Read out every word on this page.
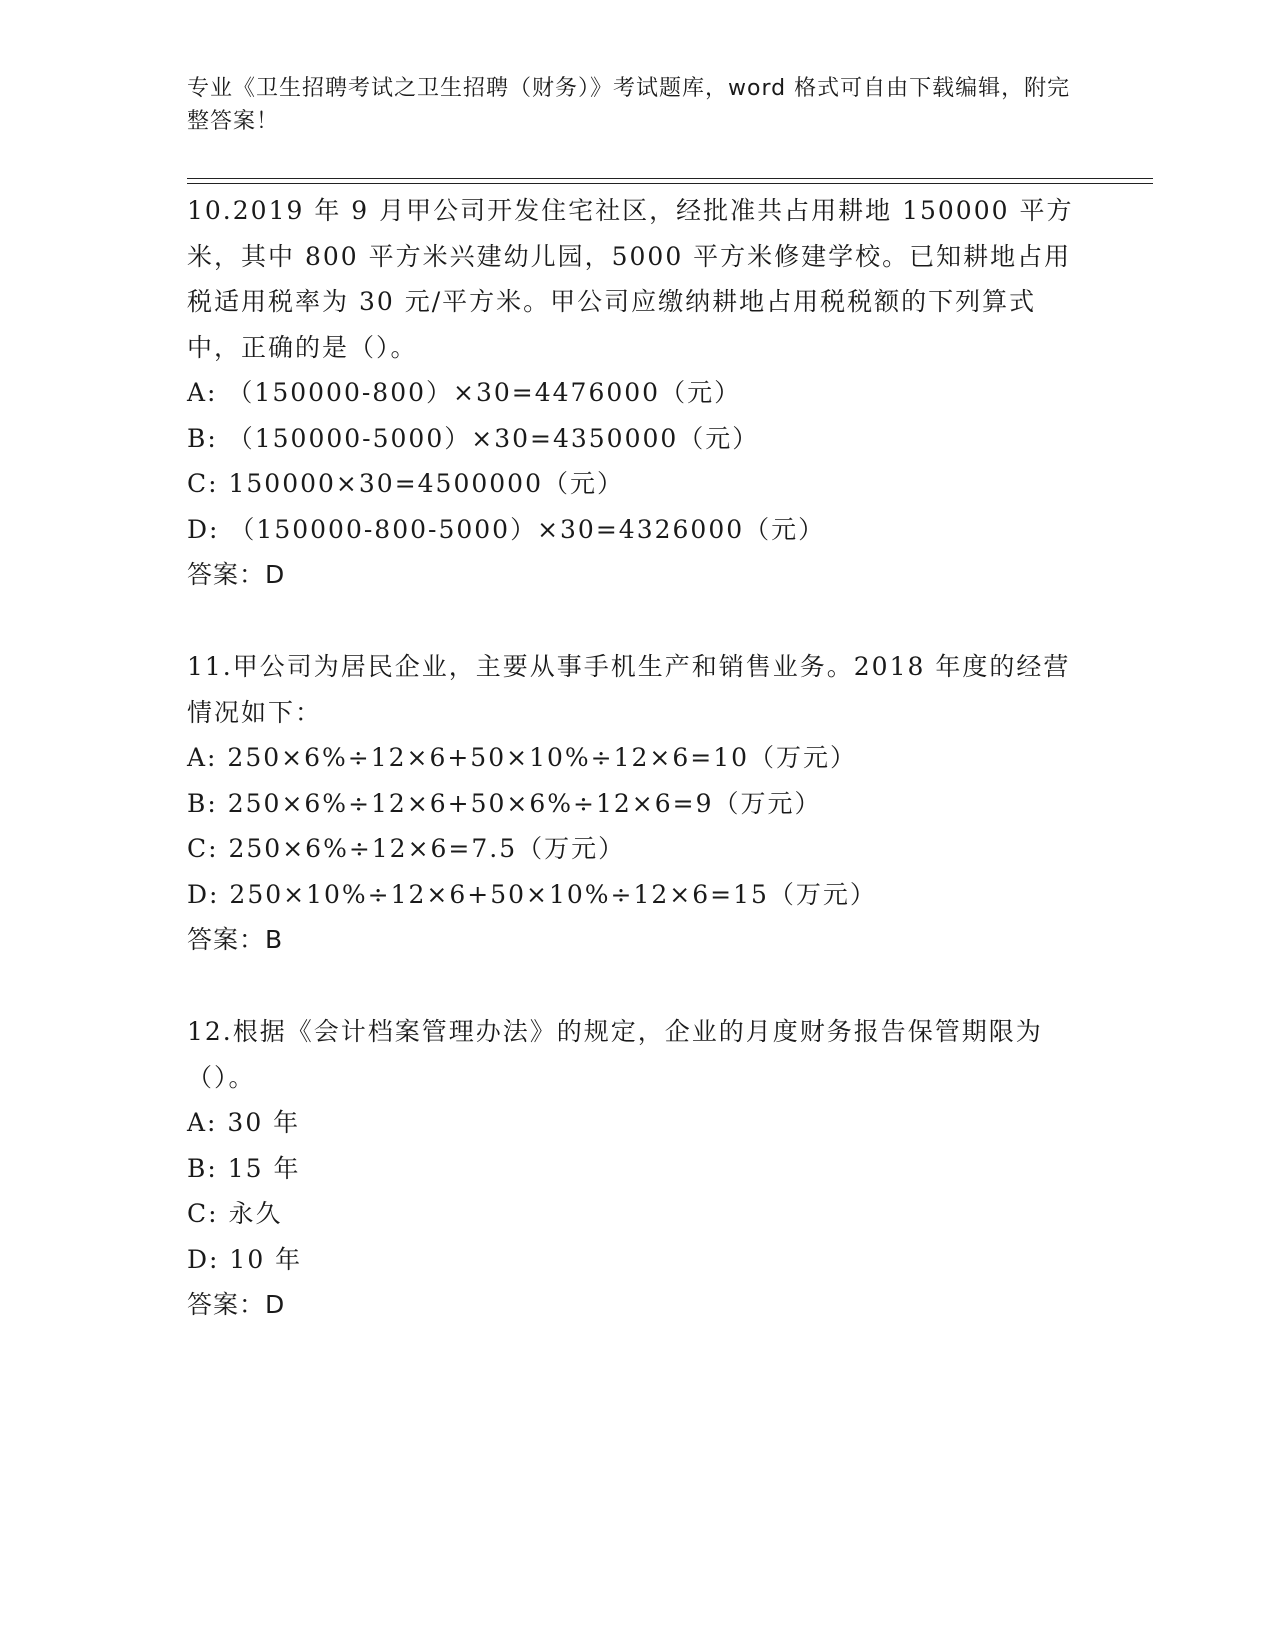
专业《卫生招聘考试之卫生招聘（财务）》考试题库，word 格式可自由下载编辑，附完整答案！

10.2019 年 9 月甲公司开发住宅社区，经批准共占用耕地 150000 平方米，其中 800 平方米兴建幼儿园，5000 平方米修建学校。已知耕地占用税适用税率为 30 元/平方米。甲公司应缴纳耕地占用税税额的下列算式中，正确的是（）。

A: （150000-800）×30=4476000（元）
B: （150000-5000）×30=4350000（元）
C: 150000×30=4500000（元）
D: （150000-800-5000）×30=4326000（元）
答案：D

11.甲公司为居民企业，主要从事手机生产和销售业务。2018 年度的经营情况如下：

A: 250×6%÷12×6+50×10%÷12×6=10（万元）
B: 250×6%÷12×6+50×6%÷12×6=9（万元）
C: 250×6%÷12×6=7.5（万元）
D: 250×10%÷12×6+50×10%÷12×6=15（万元）
答案：B

12.根据《会计档案管理办法》的规定，企业的月度财务报告保管期限为（）。

A: 30 年
B: 15 年
C: 永久
D: 10 年
答案：D
